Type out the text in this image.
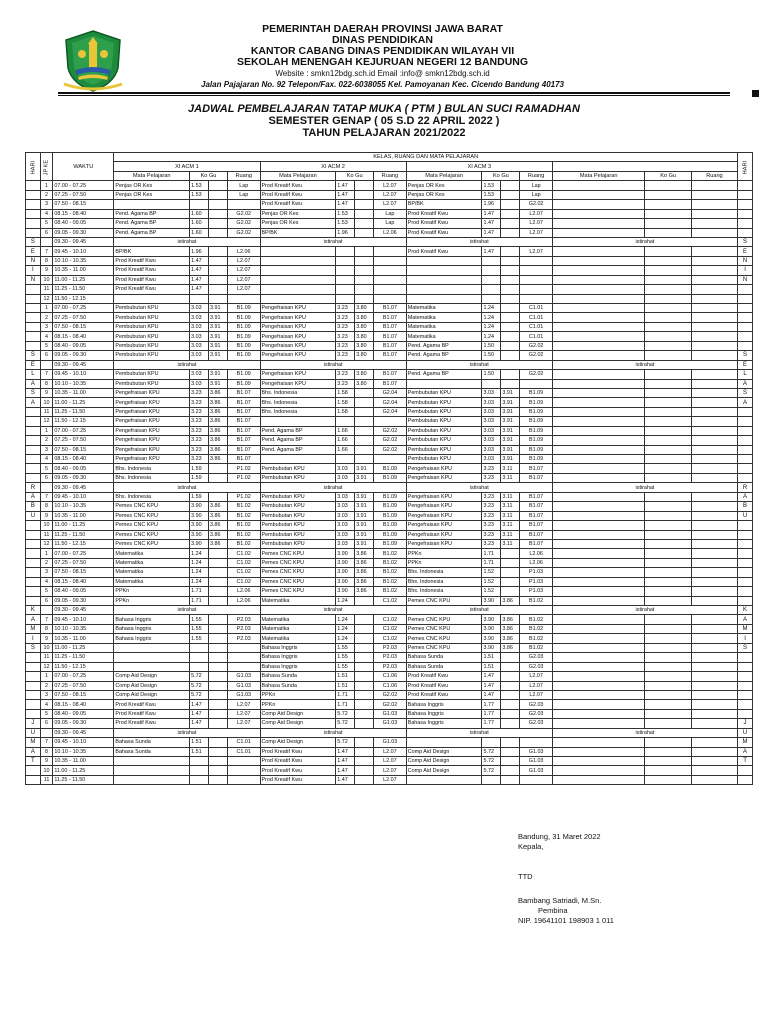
PEMERINTAH DAERAH PROVINSI JAWA BARAT
DINAS PENDIDIKAN
KANTOR CABANG DINAS PENDIDIKAN WILAYAH VII
SEKOLAH MENENGAH KEJURUAN NEGERI 12 BANDUNG
Website : smkn12bdg.sch.id Email :info@ smkn12bdg.sch.id
Jalan Pajajaran No. 92 Telepon/Fax. 022-6038055 Kel. Pamoyanan Kec. Cicendo Bandung 40173
JADWAL PEMBELAJARAN TATAP MUKA ( PTM ) BULAN SUCI RAMADHAN
SEMESTER GENAP ( 05 S.D 22 APRIL 2022 )
TAHUN PELAJARAN 2021/2022
HARI	JP KE	WAKTU	KELAS, RUANG DAN MATA PELAJARAN															HARI
			XI ACM 1				XI ACM 2				XI ACM 3							
			Mata Pelajaran	Ko Gu		Ruang	Mata Pelajaran	Ko Gu		Ruang	Mata Pelajaran	Ko Gu		Ruang	Mata Pelajaran	Ko Gu	Ruang	
	1	07.00 - 07.25	Penjas OR Kes	1.53		Lap	Prod Kreatif Kwu	1.47		L2.07	Penjas OR Kes	1.53		Lap				
	2	07.25 - 07.50	Penjas OR Kes	1.53		Lap	Prod Kreatif Kwu	1.47		L2.07	Penjas OR Kes	1.53		Lap				
	3	07.50 - 08.15					Prod Kreatif Kwu	1.47		L2.07	BP/BK	1.96		G2.02				
	4	08.15 - 08.40	Pend. Agama BP	1.60		G2.02	Penjas OR Kes	1.53		Lap	Prod Kreatif Kwu	1.47		L2.07				
	5	08.40 - 09.05	Pend. Agama BP	1.60		G2.02	Penjas OR Kes	1.53		Lap	Prod Kreatif Kwu	1.47		L2.07				
	6	09.05 - 09.30	Pend. Agama BP	1.60		G2.02	BP/BK	1.96		L2.06	Prod Kreatif Kwu	1.47		L2.07				
S		09.30 - 09.45	istirahat				istirahat				istirahat				istirahat			S
E	7	09.45 - 10.10	BP/BK	1.96		L2.06					Prod Kreatif Kwu	1.47		L2.07				E
N	8	10.10 - 10.35	Prod Kreatif Kwu	1.47		L2.07												N
I	9	10.35 - 11.00	Prod Kreatif Kwu	1.47		L2.07												I
N	10	11.00 - 11.25	Prod Kreatif Kwu	1.47		L2.07												N
	11	11.25 - 11.50	Prod Kreatif Kwu	1.47		L2.07												
	12	11.50 - 12.15																
	1	07.00 - 07.25	Pembubutan KPU	3.03	3.91	B1.09	Pengefraisan KPU	3.23	3.80	B1.07	Matematika	1.24		C1.01				
	2	07.25 - 07.50	Pembubutan KPU	3.03	3.91	B1.09	Pengefraisan KPU	3.23	3.80	B1.07	Matematika	1.24		C1.01				
	3	07.50 - 08.15	Pembubutan KPU	3.03	3.91	B1.09	Pengefraisan KPU	3.23	3.80	B1.07	Matematika	1.24		C1.01				
	4	08.15 - 08.40	Pembubutan KPU	3.03	3.91	B1.09	Pengefraisan KPU	3.23	3.80	B1.07	Matematika	1.24		C1.01				
	5	08.40 - 09.05	Pembubutan KPU	3.03	3.91	B1.09	Pengefraisan KPU	3.23	3.80	B1.07	Pend. Agama BP	1.50		G2.02				
S	6	09.05 - 09.30	Pembubutan KPU	3.03	3.91	B1.09	Pengefraisan KPU	3.23	3.80	B1.07	Pend. Agama BP	1.50		G2.02				S
E		09.30 - 09.45	istirahat				istirahat				istirahat				istirahat			E
L	7	09.45 - 10.10	Pembubutan KPU	3.03	3.91	B1.09	Pengefraisan KPU	3.23	3.80	B1.07	Pend. Agama BP	1.50		G2.02				L
A	8	10.10 - 10.35	Pembubutan KPU	3.03	3.91	B1.09	Pengefraisan KPU	3.23	3.80	B1.07								A
S	9	10.35 - 11.00	Pengefraisan KPU	3.23	3.86	B1.07	Bhs. Indonesia	1.58		G2.04	Pembubutan KPU	3.03	3.91	B1.09				S
A	10	11.00 - 11.25	Pengefraisan KPU	3.23	3.86	B1.07	Bhs. Indonesia	1.58		G2.04	Pembubutan KPU	3.03	3.91	B1.09				A
	11	11.25 - 11.50	Pengefraisan KPU	3.23	3.86	B1.07	Bhs. Indonesia	1.58		G2.04	Pembubutan KPU	3.03	3.91	B1.09				
	12	11.50 - 12.15	Pengefraisan KPU	3.23	3.86	B1.07					Pembubutan KPU	3.03	3.91	B1.09				
	1	07.00 - 07.25	Pengefraisan KPU	3.23	3.86	B1.07	Pend. Agama BP	1.66		G2.02	Pembubutan KPU	3.03	3.91	B1.09				
	2	07.25 - 07.50	Pengefraisan KPU	3.23	3.86	B1.07	Pend. Agama BP	1.66		G2.02	Pembubutan KPU	3.03	3.91	B1.09				
	3	07.50 - 08.15	Pengefraisan KPU	3.23	3.86	B1.07	Pend. Agama BP	1.66		G2.02	Pembubutan KPU	3.03	3.91	B1.09				
	4	08.15 - 08.40	Pengefraisan KPU	3.23	3.86	B1.07					Pembubutan KPU	3.03	3.91	B1.09				
	5	08.40 - 09.05	Bhs. Indonesia	1.59		P1.02	Pembubutan KPU	3.03	3.91	B1.09	Pengefraisan KPU	3.23	3.11	B1.07				
	6	09.05 - 09.30	Bhs. Indonesia	1.59		P1.02	Pembubutan KPU	3.03	3.91	B1.09	Pengefraisan KPU	3.23	3.11	B1.07				
R		09.30 - 09.45	istirahat				istirahat				istirahat				istirahat			R
A	7	09.45 - 10.10	Bhs. Indonesia	1.59		P1.02	Pembubutan KPU	3.03	3.91	B1.09	Pengefraisan KPU	3.23	3.11	B1.07				A
B	8	10.10 - 10.35	Pemes CNC KPU	3.90	3.86	B1.02	Pembubutan KPU	3.03	3.91	B1.09	Pengefraisan KPU	3.23	3.11	B1.07				B
U	9	10.35 - 11.00	Pemes CNC KPU	3.90	3.86	B1.02	Pembubutan KPU	3.03	3.91	B1.09	Pengefraisan KPU	3.23	3.11	B1.07				U
	10	11.00 - 11.25	Pemes CNC KPU	3.90	3.86	B1.02	Pembubutan KPU	3.03	3.91	B1.09	Pengefraisan KPU	3.23	3.11	B1.07				
	11	11.25 - 11.50	Pemes CNC KPU	3.90	3.86	B1.02	Pembubutan KPU	3.03	3.91	B1.09	Pengefraisan KPU	3.23	3.11	B1.07				
	12	11.50 - 12.15	Pemes CNC KPU	3.90	3.86	B1.02	Pembubutan KPU	3.03	3.91	B1.09	Pengefraisan KPU	3.23	3.11	B1.07				
	1	07.00 - 07.25	Matematika	1.24		C1.02	Pemes CNC KPU	3.90	3.86	B1.02	PPKn	1.71		L2.06				
	2	07.25 - 07.50	Matematika	1.24		C1.02	Pemes CNC KPU	3.90	3.86	B1.02	PPKn	1.71		L2.06				
	3	07.50 - 08.15	Matematika	1.24		C1.02	Pemes CNC KPU	3.90	3.86	B1.02	Bhs. Indonesia	1.52		P1.03				
	4	08.15 - 08.40	Matematika	1.24		C1.02	Pemes CNC KPU	3.90	3.86	B1.02	Bhs. Indonesia	1.52		P1.03				
	5	08.40 - 09.05	PPKn	1.71		L2.06	Pemes CNC KPU	3.90	3.86	B1.02	Bhs. Indonesia	1.52		P1.03				
	6	09.05 - 09.30	PPKn	1.71		L2.06	Matematika	1.24		C1.02	Pemes CNC KPU	3.90	3.86	B1.02				
K		09.30 - 09.45	istirahat				istirahat				istirahat				istirahat			K
A	7	09.45 - 10.10	Bahasa Inggris	1.55		P2.03	Matematika	1.24		C1.02	Pemes CNC KPU	3.90	3.86	B1.02				A
M	8	10.10 - 10.35	Bahasa Inggris	1.55		P2.03	Matematika	1.24		C1.02	Pemes CNC KPU	3.90	3.86	B1.02				M
I	9	10.35 - 11.00	Bahasa Inggris	1.55		P2.03	Matematika	1.24		C1.02	Pemes CNC KPU	3.90	3.86	B1.02				I
S	10	11.00 - 11.25					Bahasa Inggris	1.55		P2.03	Pemes CNC KPU	3.90	3.86	B1.02				S
	11	11.25 - 11.50					Bahasa Inggris	1.55		P2.03	Bahasa Sunda	1.51		G2.03				
	12	11.50 - 12.15					Bahasa Inggris	1.55		P2.03	Bahasa Sunda	1.51		G2.03				
	1	07.00 - 07.25	Comp Aid Design	5.72		G1.03	Bahasa Sunda	1.51		C1.06	Prod Kreatif Kwu	1.47		L2.07				
	2	07.25 - 07.50	Comp Aid Design	5.72		G1.03	Bahasa Sunda	1.51		C1.06	Prod Kreatif Kwu	1.47		L2.07				
	3	07.50 - 08.15	Comp Aid Design	5.72		G1.03	PPKn	1.71		G2.02	Prod Kreatif Kwu	1.47		L2.07				
	4	08.15 - 08.40	Prod Kreatif Kwu	1.47		L2.07	PPKn	1.71		G2.02	Bahasa Inggris	1.77		G2.03				
	5	08.40 - 09.05	Prod Kreatif Kwu	1.47		L2.07	Comp Aid Design	5.72		G1.03	Bahasa Inggris	1.77		G2.03				
J	6	09.05 - 09.30	Prod Kreatif Kwu	1.47		L2.07	Comp Aid Design	5.72		G1.03	Bahasa Inggris	1.77		G2.03				J
U		09.30 - 09.45	istirahat				istirahat				istirahat				istirahat			U
M	7	09.45 - 10.10	Bahasa Sunda	1.51		C1.01	Comp Aid Design	5.72		G1.03								M
A	8	10.10 - 10.35	Bahasa Sunda	1.51		C1.01	Prod Kreatif Kwu	1.47		L2.07	Comp Aid Design	5.72		G1.03				A
T	9	10.35 - 11.00					Prod Kreatif Kwu	1.47		L2.07	Comp Aid Design	5.72		G1.03				T
	10	11.00 - 11.25					Prod Kreatif Kwu	1.47		L2.07	Comp Aid Design	5.72		G1.03				
	11	11.25 - 11.50					Prod Kreatif Kwu	1.47		L2.07								
Bandung, 31 Maret 2022
Kepala,
TTD
Bambang Satriadi, M.Sn.
Pembina
NIP. 19641101 198903 1 011
